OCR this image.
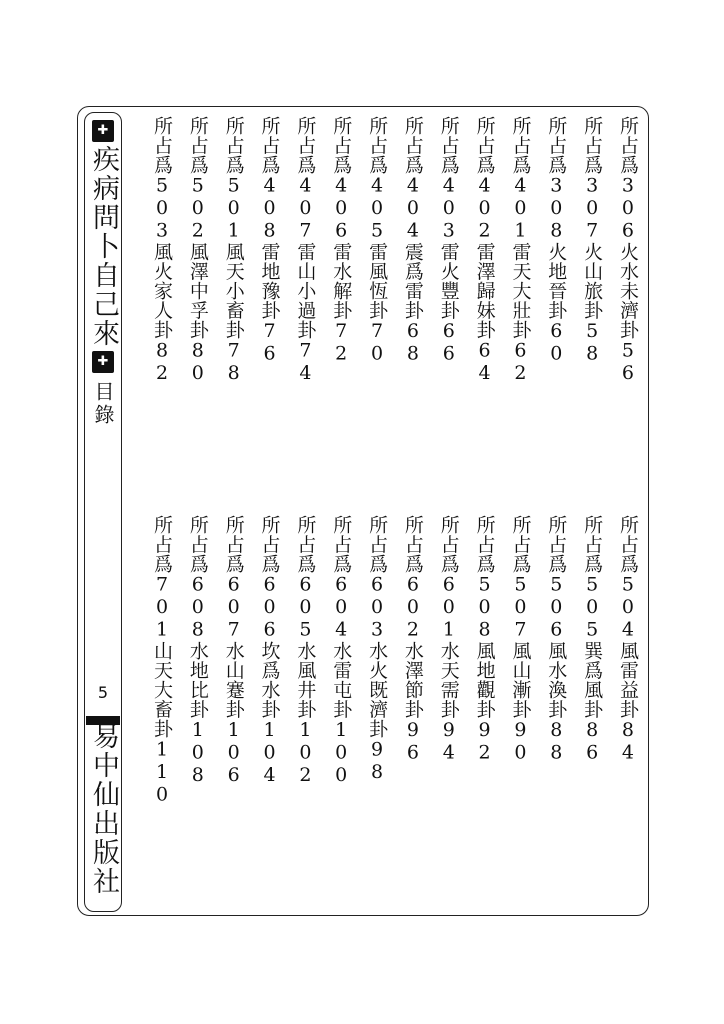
✚
疾病問卜自己來
✚
目錄
5
易中仙出版社
所占爲306火水未濟卦56
所占爲307火山旅卦58
所占爲308火地晉卦60
所占爲401雷天大壯卦62
所占爲402雷澤歸妹卦64
所占爲403雷火豐卦66
所占爲404震爲雷卦68
所占爲405雷風恆卦70
所占爲406雷水解卦72
所占爲407雷山小過卦74
所占爲408雷地豫卦76
所占爲501風天小畜卦78
所占爲502風澤中孚卦80
所占爲503風火家人卦82
所占爲504風雷益卦84
所占爲505巽爲風卦86
所占爲506風水渙卦88
所占爲507風山漸卦90
所占爲508風地觀卦92
所占爲601水天需卦94
所占爲602水澤節卦96
所占爲603水火既濟卦98
所占爲604水雷屯卦100
所占爲605水風井卦102
所占爲606坎爲水卦104
所占爲607水山蹇卦106
所占爲608水地比卦108
所占爲701山天大畜卦110
